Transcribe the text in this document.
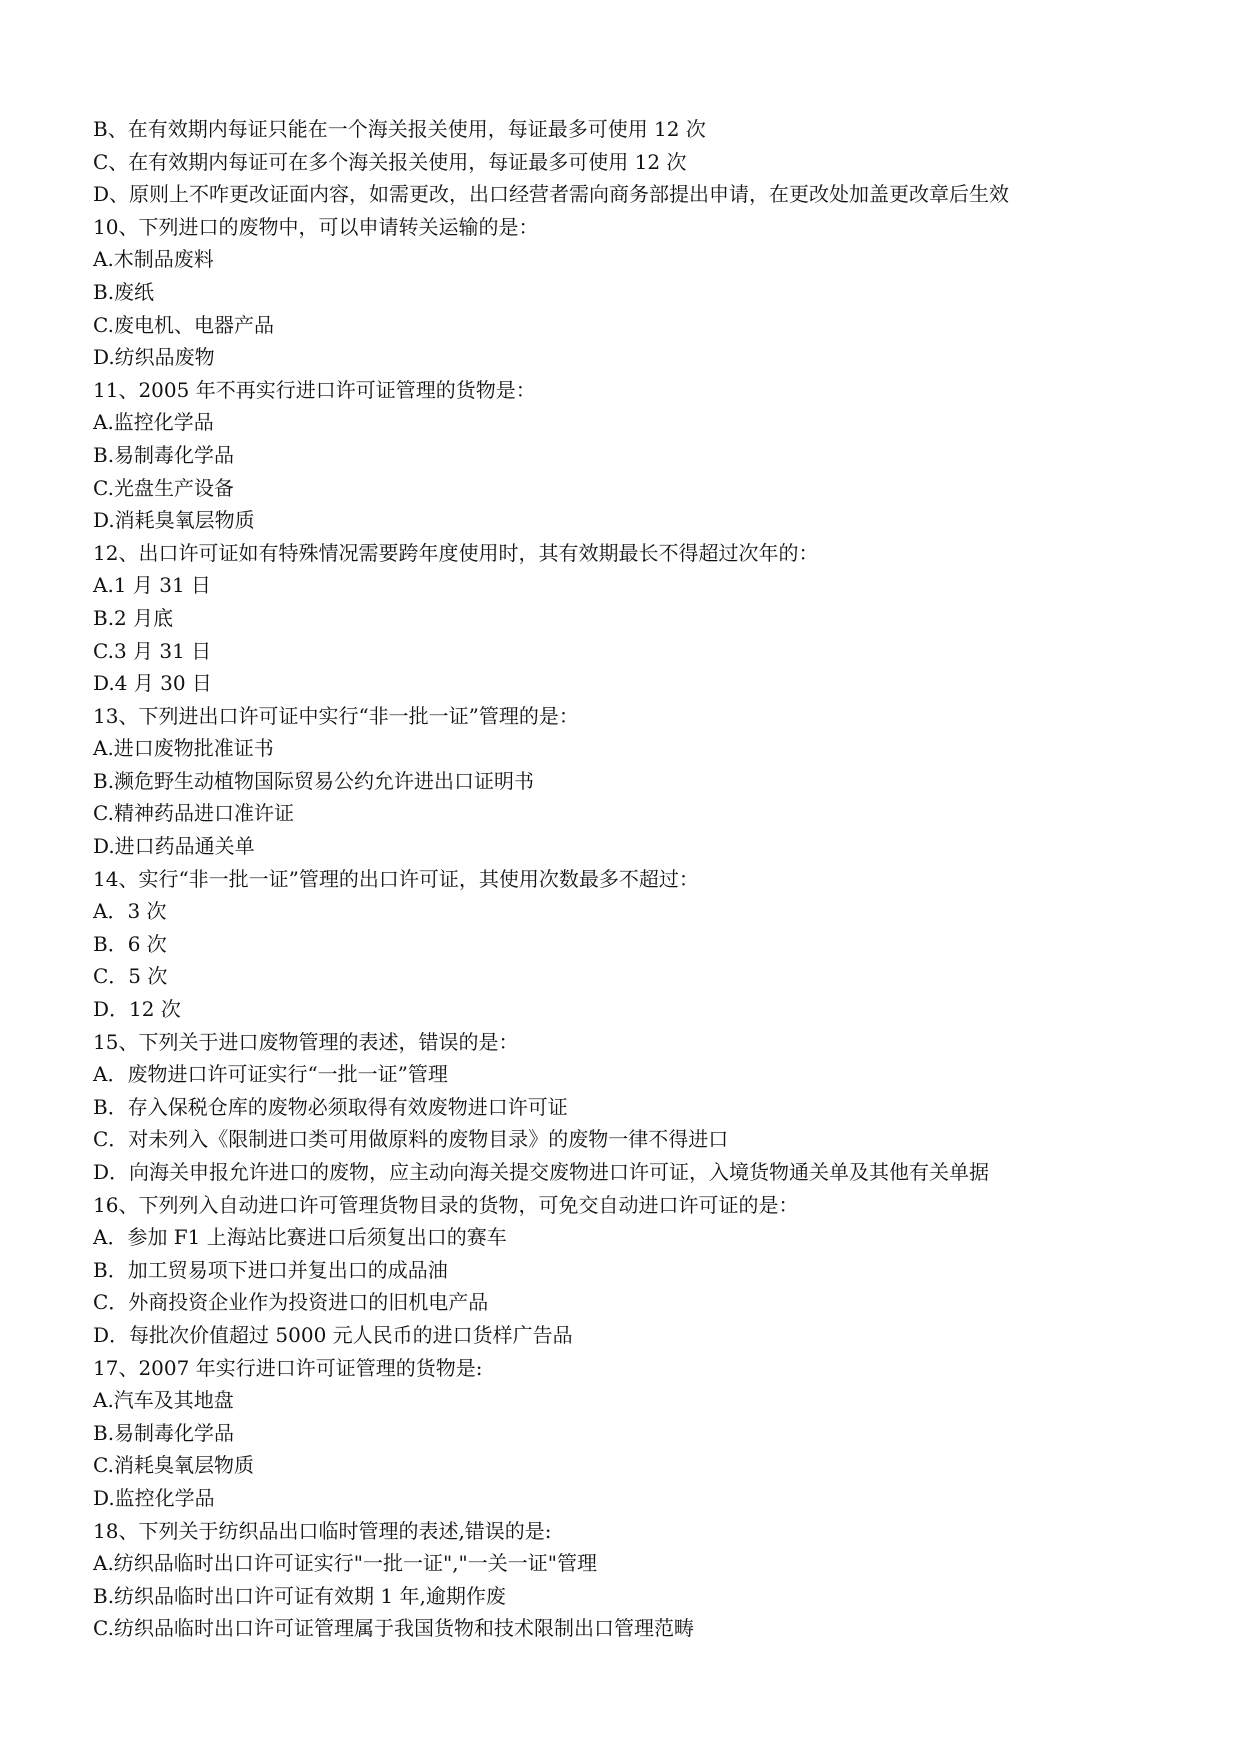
B、在有效期内每证只能在一个海关报关使用，每证最多可使用 12 次
C、在有效期内每证可在多个海关报关使用，每证最多可使用 12 次
D、原则上不咋更改证面内容，如需更改，出口经营者需向商务部提出申请，在更改处加盖更改章后生效
10、下列进口的废物中，可以申请转关运输的是：
A.木制品废料
B.废纸
C.废电机、电器产品
D.纺织品废物
11、2005 年不再实行进口许可证管理的货物是：
A.监控化学品
B.易制毒化学品
C.光盘生产设备
D.消耗臭氧层物质
12、出口许可证如有特殊情况需要跨年度使用时，其有效期最长不得超过次年的：
A.1 月 31 日
B.2 月底
C.3 月 31 日
D.4 月 30 日
13、下列进出口许可证中实行“非一批一证”管理的是：
A.进口废物批准证书
B.濒危野生动植物国际贸易公约允许进出口证明书
C.精神药品进口准许证
D.进口药品通关单
14、实行“非一批一证”管理的出口许可证，其使用次数最多不超过：
A．3 次
B．6 次
C．5 次
D．12 次
15、下列关于进口废物管理的表述，错误的是：
A．废物进口许可证实行“一批一证”管理
B．存入保税仓库的废物必须取得有效废物进口许可证
C．对未列入《限制进口类可用做原料的废物目录》的废物一律不得进口
D．向海关申报允许进口的废物，应主动向海关提交废物进口许可证，入境货物通关单及其他有关单据
16、下列列入自动进口许可管理货物目录的货物，可免交自动进口许可证的是：
A．参加 F1 上海站比赛进口后须复出口的赛车
B．加工贸易项下进口并复出口的成品油
C．外商投资企业作为投资进口的旧机电产品
D．每批次价值超过 5000 元人民币的进口货样广告品
17、2007 年实行进口许可证管理的货物是:
A.汽车及其地盘
B.易制毒化学品
C.消耗臭氧层物质
D.监控化学品
18、下列关于纺织品出口临时管理的表述,错误的是:
A.纺织品临时出口许可证实行"一批一证","一关一证"管理
B.纺织品临时出口许可证有效期 1 年,逾期作废
C.纺织品临时出口许可证管理属于我国货物和技术限制出口管理范畴
